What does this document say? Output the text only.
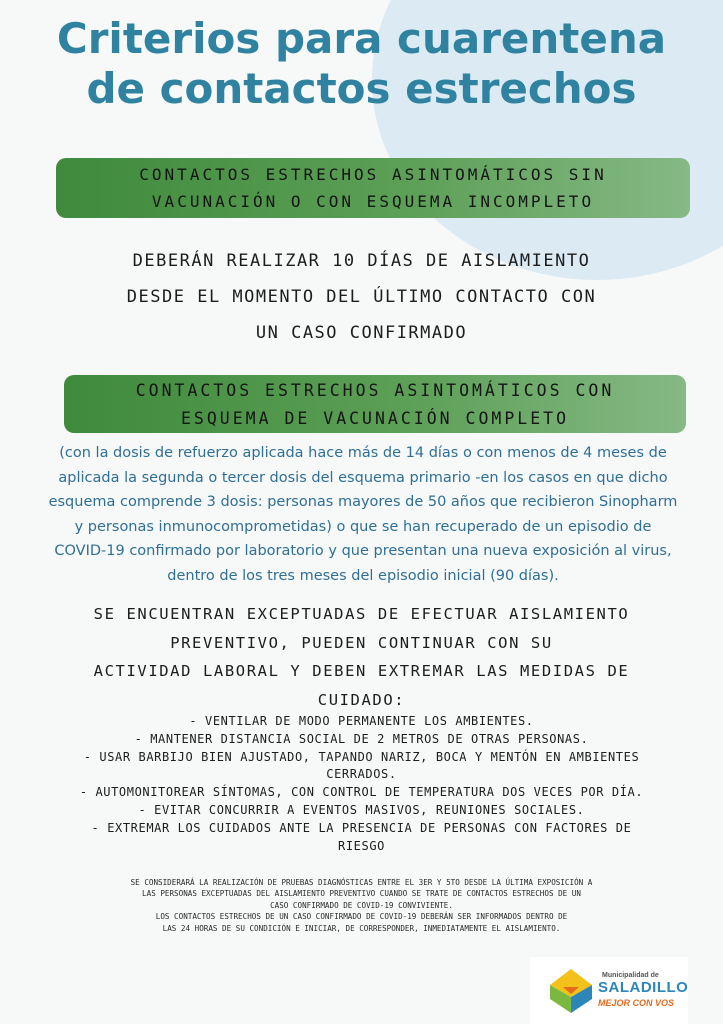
Criterios para cuarentena
de contactos estrechos
CONTACTOS ESTRECHOS ASINTOMÁTICOS SIN
VACUNACIÓN O CON ESQUEMA INCOMPLETO
DEBERÁN REALIZAR 10 DÍAS DE AISLAMIENTO
DESDE EL MOMENTO DEL ÚLTIMO CONTACTO CON
UN CASO CONFIRMADO
CONTACTOS ESTRECHOS ASINTOMÁTICOS CON
ESQUEMA DE VACUNACIÓN COMPLETO
(con la dosis de refuerzo aplicada hace más de 14 días o con menos de 4 meses de
aplicada la segunda o tercer dosis del esquema primario -en los casos en que dicho
esquema comprende 3 dosis: personas mayores de 50 años que recibieron Sinopharm
y personas inmunocomprometidas) o que se han recuperado de un episodio de
COVID-19 confirmado por laboratorio y que presentan una nueva exposición al virus,
dentro de los tres meses del episodio inicial (90 días).
SE ENCUENTRAN EXCEPTUADAS DE EFECTUAR AISLAMIENTO
PREVENTIVO, PUEDEN CONTINUAR CON SU
ACTIVIDAD LABORAL Y DEBEN EXTREMAR LAS MEDIDAS DE
CUIDADO:
- VENTILAR DE MODO PERMANENTE LOS AMBIENTES.
- MANTENER DISTANCIA SOCIAL DE 2 METROS DE OTRAS PERSONAS.
- USAR BARBIJO BIEN AJUSTADO, TAPANDO NARIZ, BOCA Y MENTÓN EN AMBIENTES
CERRADOS.
- AUTOMONITOREAR SÍNTOMAS, CON CONTROL DE TEMPERATURA DOS VECES POR DÍA.
- EVITAR CONCURRIR A EVENTOS MASIVOS, REUNIONES SOCIALES.
- EXTREMAR LOS CUIDADOS ANTE LA PRESENCIA DE PERSONAS CON FACTORES DE
RIESGO
SE CONSIDERARÁ LA REALIZACIÓN DE PRUEBAS DIAGNÓSTICAS ENTRE EL 3ER Y 5TO DESDE LA ÚLTIMA EXPOSICIÓN A
LAS PERSONAS EXCEPTUADAS DEL AISLAMIENTO PREVENTIVO CUANDO SE TRATE DE CONTACTOS ESTRECHOS DE UN
CASO CONFIRMADO DE COVID-19 CONVIVIENTE.
LOS CONTACTOS ESTRECHOS DE UN CASO CONFIRMADO DE COVID-19 DEBERÁN SER INFORMADOS DENTRO DE
LAS 24 HORAS DE SU CONDICIÓN E INICIAR, DE CORRESPONDER, INMEDIATAMENTE EL AISLAMIENTO.
Municipalidad de
SALADILLO
MEJOR CON VOS
